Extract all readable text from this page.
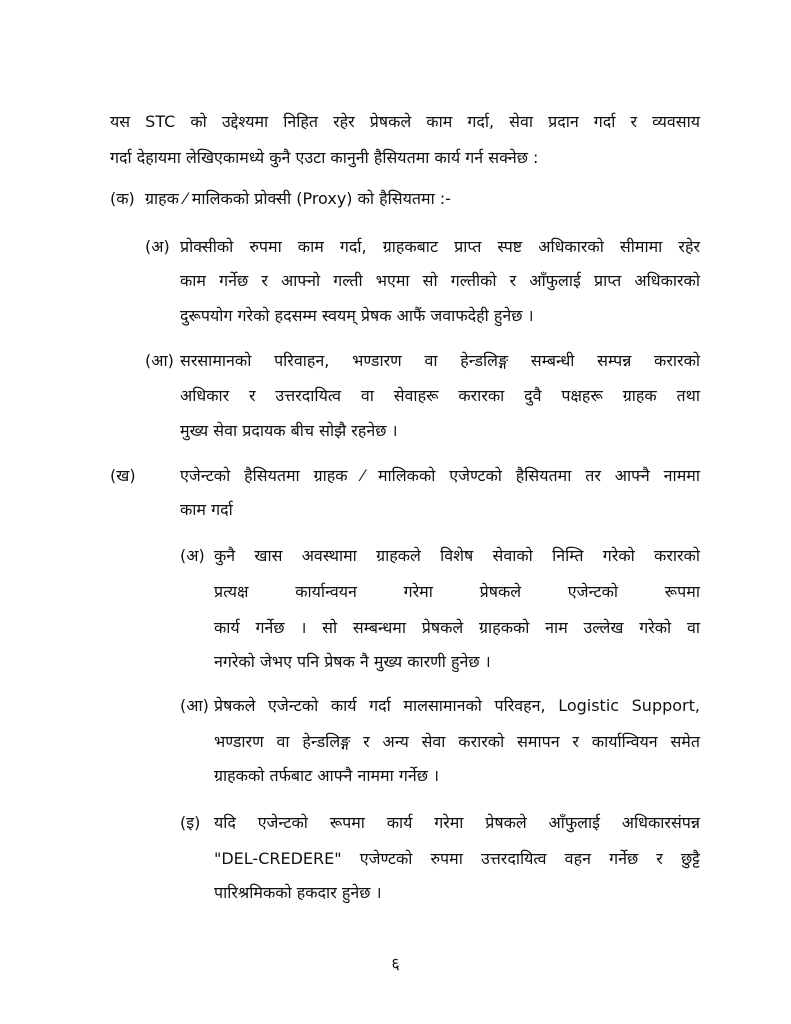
यस STC को उद्देश्यमा निहित रहेर प्रेषकले काम गर्दा, सेवा प्रदान गर्दा र व्यवसाय
गर्दा देहायमा लेखिएकामध्ये कुनै एउटा कानुनी हैसियतमा कार्य गर्न सक्नेछ :
(क) ग्राहक ⁄ मालिकको प्रोक्सी (Proxy) को हैसियतमा :-
(अ) प्रोक्सीको रुपमा काम गर्दा, ग्राहकबाट प्राप्त स्पष्ट अधिकारको सीमामा रहेर
काम गर्नेछ र आफ्नो गल्ती भएमा सो गल्तीको र आँफुलाई प्राप्त अधिकारको
दुरूपयोग गरेको हदसम्म स्वयम् प्रेषक आफैं जवाफदेही हुनेछ ।
(आ) सरसामानको परिवाहन, भण्डारण वा हेन्डलिङ्ग सम्बन्धी सम्पन्न करारको
अधिकार र उत्तरदायित्व वा सेवाहरू करारका दुवै पक्षहरू ग्राहक तथा
मुख्य सेवा प्रदायक बीच सोझै रहनेछ ।
(ख)	एजेन्टको हैसियतमा ग्राहक ⁄ मालिकको एजेण्टको हैसियतमा तर आफ्नै नाममा
काम गर्दा
(अ) कुनै खास अवस्थामा ग्राहकले विशेष सेवाको निम्ति गरेको करारको
प्रत्यक्ष कार्यान्वयन गरेमा प्रेषकले एजेन्टको रूपमा
कार्य गर्नेछ । सो सम्बन्धमा प्रेषकले ग्राहकको नाम उल्लेख गरेको वा
नगरेको जेभए पनि प्रेषक नै मुख्य कारणी हुनेछ ।
(आ) प्रेषकले एजेन्टको कार्य गर्दा मालसामानको परिवहन, Logistic Support,
भण्डारण वा हेन्डलिङ्ग र अन्य सेवा करारको समापन र कार्यान्वियन समेत
ग्राहकको तर्फबाट आफ्नै नाममा गर्नेछ ।
(इ) यदि एजेन्टको रूपमा कार्य गरेमा प्रेषकले आँफुलाई अधिकारसंपन्न
"DEL-CREDERE" एजेण्टको रुपमा उत्तरदायित्व वहन गर्नेछ र छुट्टै
पारिश्रमिकको हकदार हुनेछ ।
६
